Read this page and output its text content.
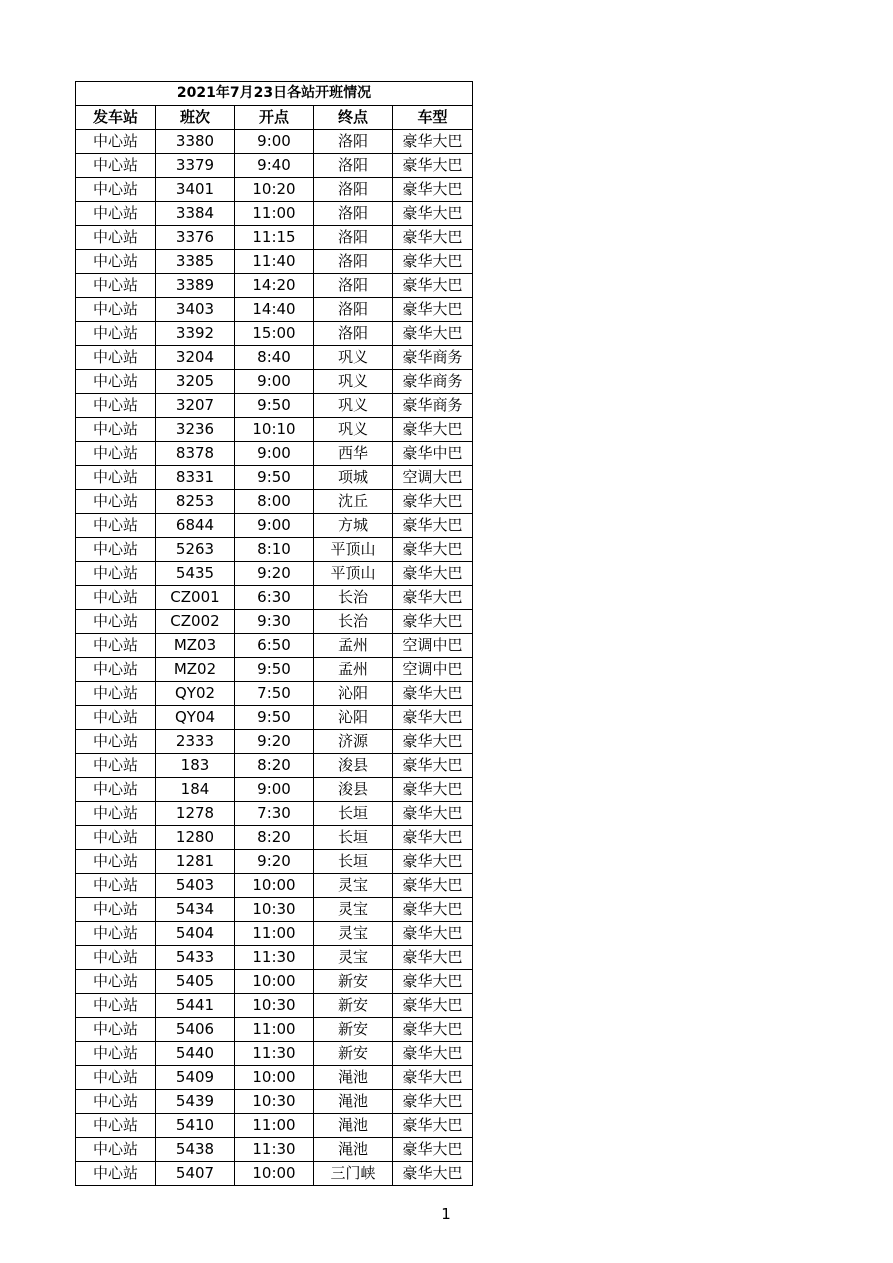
2021年7月23日各站开班情况				
发车站	班次	开点	终点	车型
中心站	3380	9:00	洛阳	豪华大巴
中心站	3379	9:40	洛阳	豪华大巴
中心站	3401	10:20	洛阳	豪华大巴
中心站	3384	11:00	洛阳	豪华大巴
中心站	3376	11:15	洛阳	豪华大巴
中心站	3385	11:40	洛阳	豪华大巴
中心站	3389	14:20	洛阳	豪华大巴
中心站	3403	14:40	洛阳	豪华大巴
中心站	3392	15:00	洛阳	豪华大巴
中心站	3204	8:40	巩义	豪华商务
中心站	3205	9:00	巩义	豪华商务
中心站	3207	9:50	巩义	豪华商务
中心站	3236	10:10	巩义	豪华大巴
中心站	8378	9:00	西华	豪华中巴
中心站	8331	9:50	项城	空调大巴
中心站	8253	8:00	沈丘	豪华大巴
中心站	6844	9:00	方城	豪华大巴
中心站	5263	8:10	平顶山	豪华大巴
中心站	5435	9:20	平顶山	豪华大巴
中心站	CZ001	6:30	长治	豪华大巴
中心站	CZ002	9:30	长治	豪华大巴
中心站	MZ03	6:50	孟州	空调中巴
中心站	MZ02	9:50	孟州	空调中巴
中心站	QY02	7:50	沁阳	豪华大巴
中心站	QY04	9:50	沁阳	豪华大巴
中心站	2333	9:20	济源	豪华大巴
中心站	183	8:20	浚县	豪华大巴
中心站	184	9:00	浚县	豪华大巴
中心站	1278	7:30	长垣	豪华大巴
中心站	1280	8:20	长垣	豪华大巴
中心站	1281	9:20	长垣	豪华大巴
中心站	5403	10:00	灵宝	豪华大巴
中心站	5434	10:30	灵宝	豪华大巴
中心站	5404	11:00	灵宝	豪华大巴
中心站	5433	11:30	灵宝	豪华大巴
中心站	5405	10:00	新安	豪华大巴
中心站	5441	10:30	新安	豪华大巴
中心站	5406	11:00	新安	豪华大巴
中心站	5440	11:30	新安	豪华大巴
中心站	5409	10:00	渑池	豪华大巴
中心站	5439	10:30	渑池	豪华大巴
中心站	5410	11:00	渑池	豪华大巴
中心站	5438	11:30	渑池	豪华大巴
中心站	5407	10:00	三门峡	豪华大巴
1
